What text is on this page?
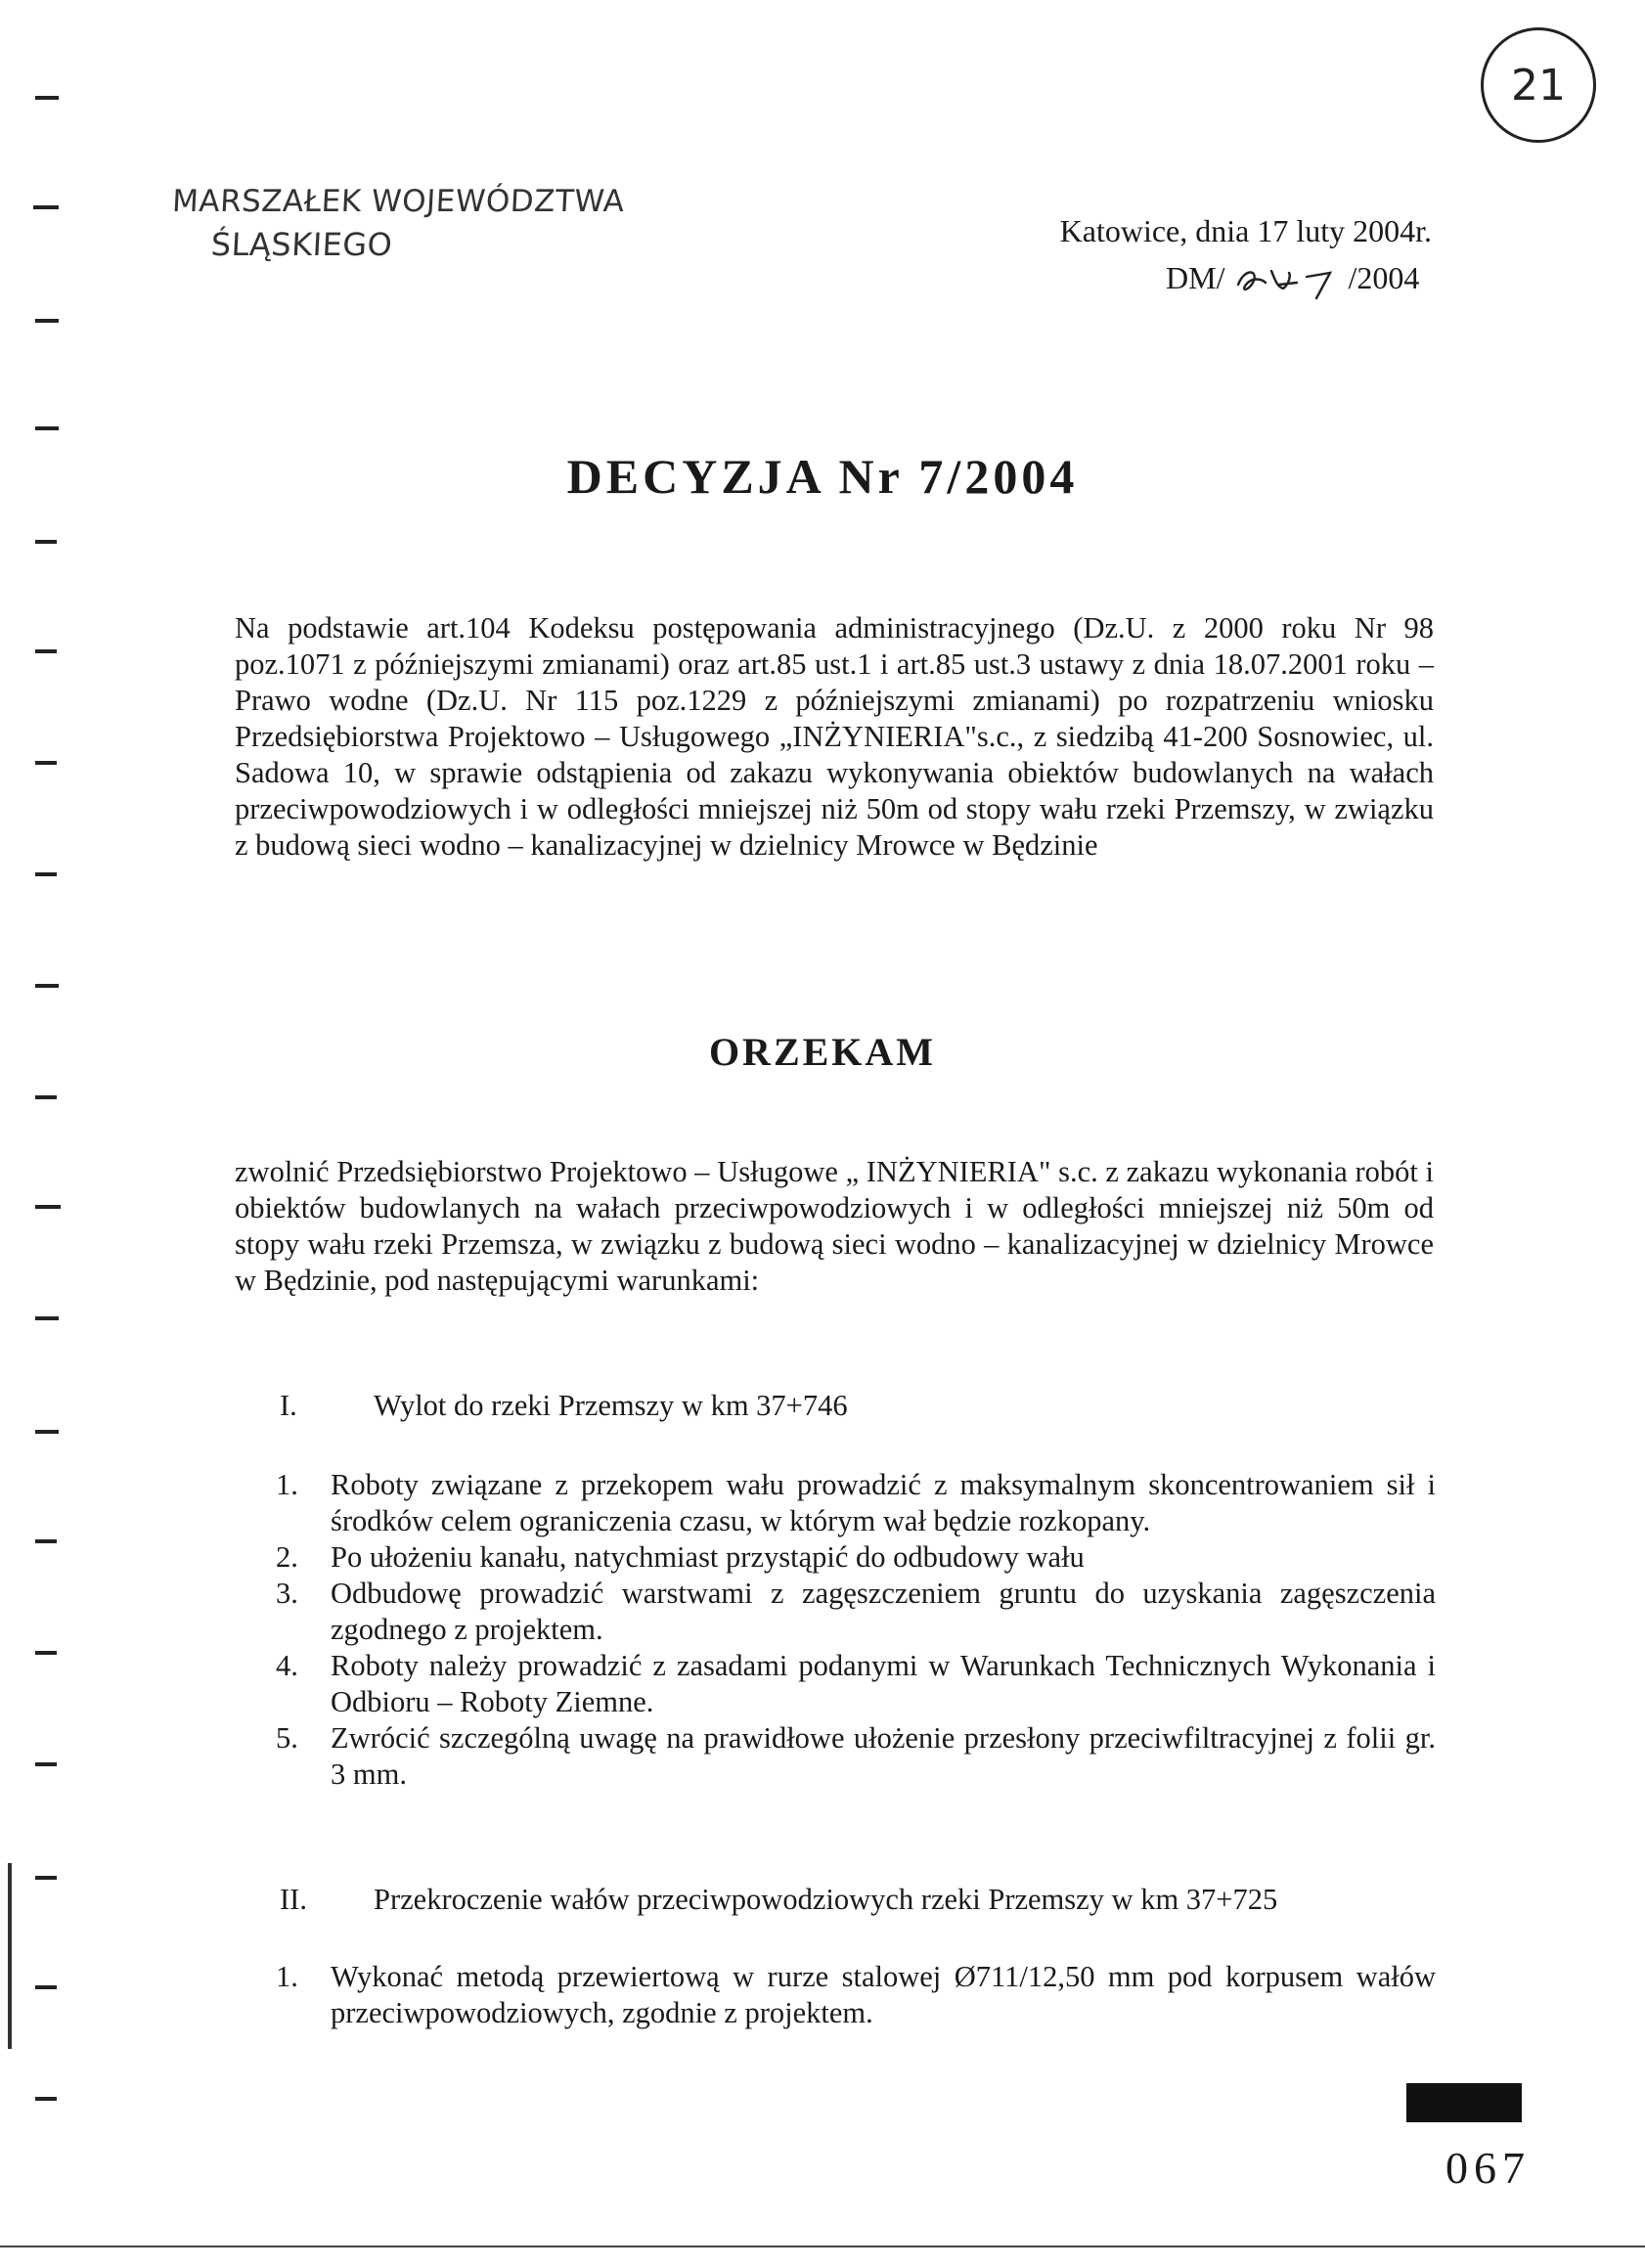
21
MARSZAŁEK WOJEWÓDZTWA
ŚLĄSKIEGO	Katowice, dnia 17 luty 2004r.
DM/	/2004
DECYZJA Nr 7/2004
Na podstawie art.104 Kodeksu postępowania administracyjnego (Dz.U. z 2000 roku Nr 98 poz.1071 z późniejszymi zmianami) oraz art.85 ust.1 i art.85 ust.3 ustawy z dnia 18.07.2001 roku – Prawo wodne (Dz.U. Nr 115 poz.1229 z późniejszymi zmianami) po rozpatrzeniu wniosku Przedsiębiorstwa Projektowo – Usługowego „INŻYNIERIA"s.c., z siedzibą 41-200 Sosnowiec, ul. Sadowa 10, w sprawie odstąpienia od zakazu wykonywania obiektów budowlanych na wałach przeciwpowodziowych i w odległości mniejszej niż 50m od stopy wału rzeki Przemszy, w związku z budową sieci wodno – kanalizacyjnej w dzielnicy Mrowce w Będzinie
ORZEKAM
zwolnić Przedsiębiorstwo Projektowo – Usługowe „ INŻYNIERIA" s.c. z zakazu wykonania robót i obiektów budowlanych na wałach przeciwpowodziowych i w odległości mniejszej niż 50m od stopy wału rzeki Przemsza, w związku z budową sieci wodno – kanalizacyjnej w dzielnicy Mrowce w Będzinie, pod następującymi warunkami:
I.	Wylot do rzeki Przemszy w km 37+746
1.	Roboty związane z przekopem wału prowadzić z maksymalnym skoncentrowaniem sił i środków celem ograniczenia czasu, w którym wał będzie rozkopany.
2.	Po ułożeniu kanału, natychmiast przystąpić do odbudowy wału
3.	Odbudowę prowadzić warstwami z zagęszczeniem gruntu do uzyskania zagęszczenia zgodnego z projektem.
4.	Roboty należy prowadzić z zasadami podanymi w Warunkach Technicznych Wykonania i Odbioru – Roboty Ziemne.
5.	Zwrócić szczególną uwagę na prawidłowe ułożenie przesłony przeciwfiltracyjnej z folii gr. 3 mm.
II. Przekroczenie wałów przeciwpowodziowych rzeki Przemszy w km 37+725
1.	Wykonać metodą przewiertową w rurze stalowej Ø711/12,50 mm pod korpusem wałów przeciwpowodziowych, zgodnie z projektem.
067
